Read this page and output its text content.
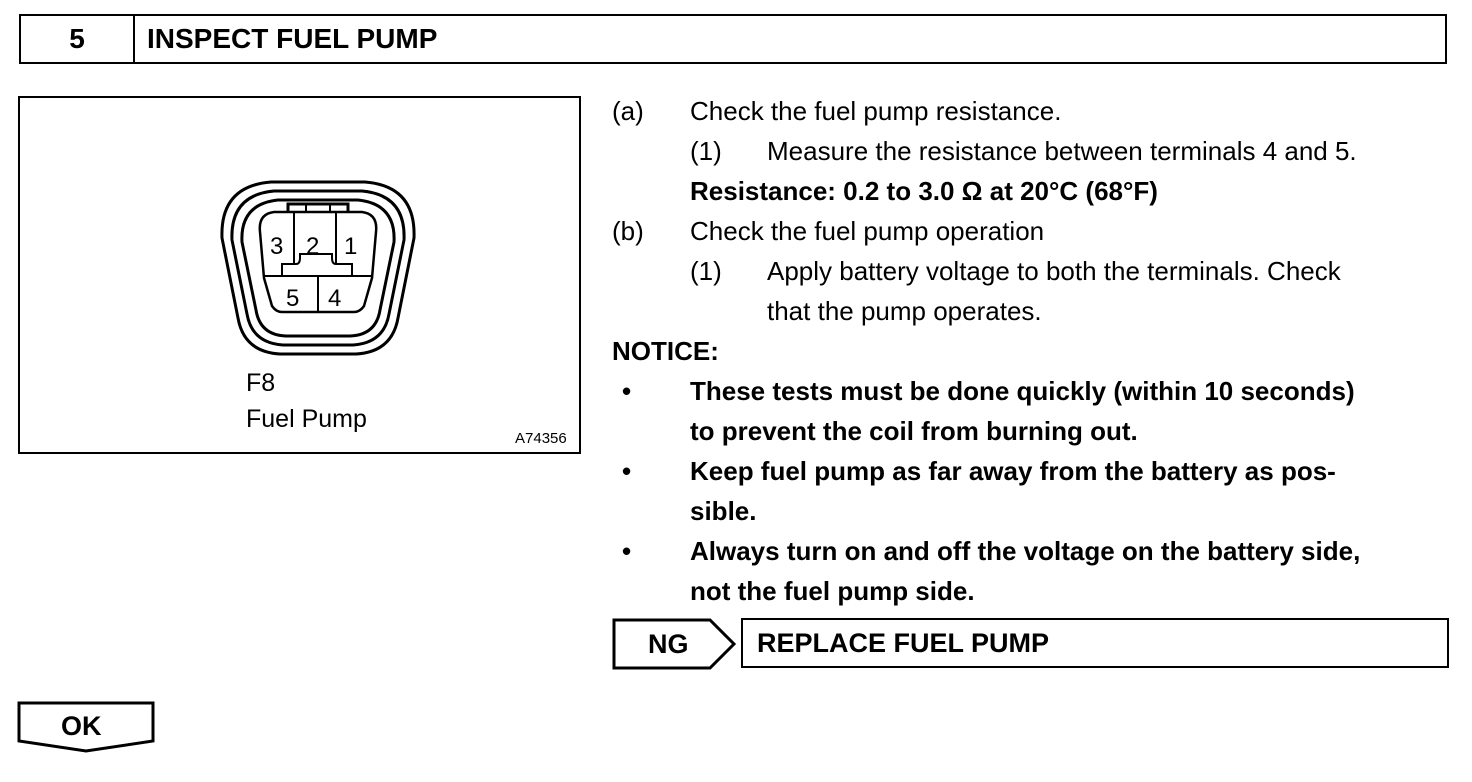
5	INSPECT FUEL PUMP
3 2 1
5 4
F8
Fuel Pump
A74356
(a) Check the fuel pump resistance.
(1) Measure the resistance between terminals 4 and 5.
Resistance: 0.2 to 3.0 Ω at 20°C (68°F)
(b) Check the fuel pump operation
(1) Apply battery voltage to both the terminals. Check
that the pump operates.
NOTICE:
• These tests must be done quickly (within 10 seconds)
to prevent the coil from burning out.
• Keep fuel pump as far away from the battery as pos-
sible.
• Always turn on and off the voltage on the battery side,
not the fuel pump side.
NG	REPLACE FUEL PUMP
OK
